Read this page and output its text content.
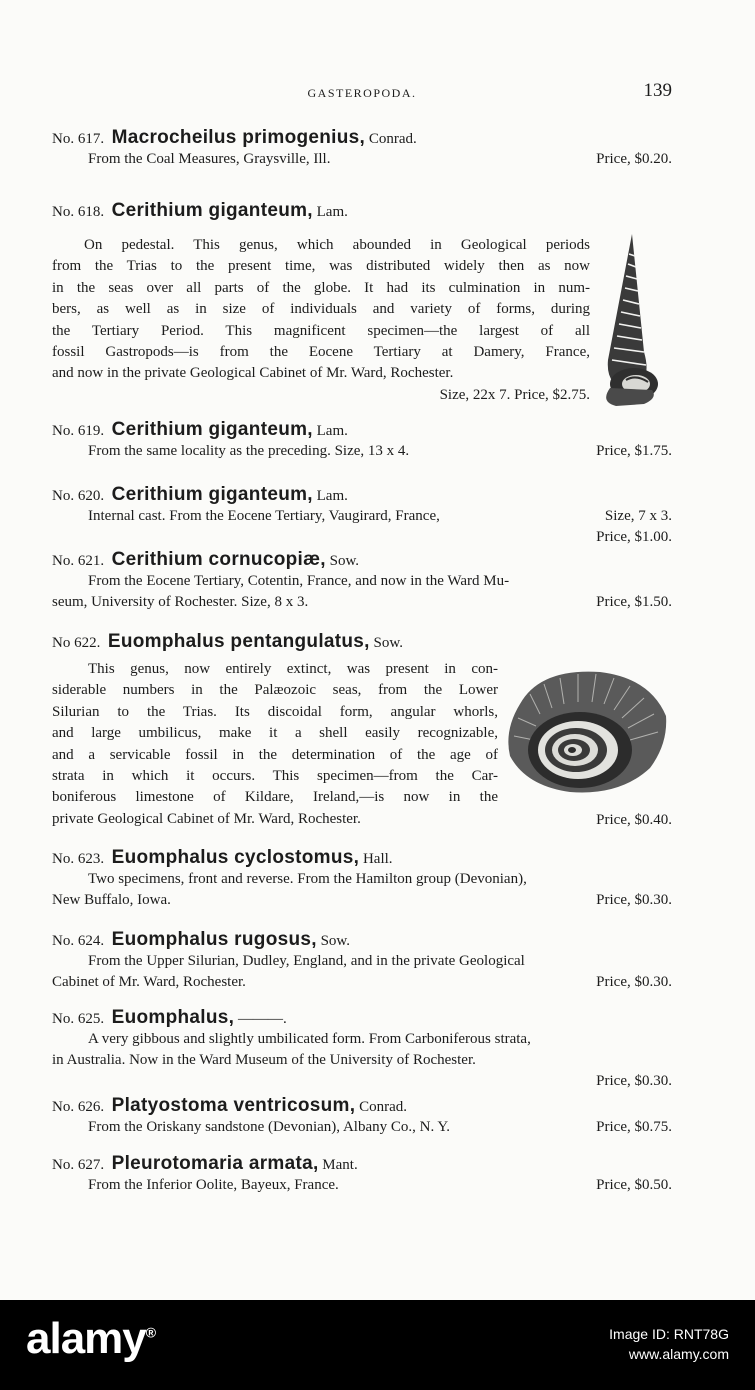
GASTEROPODA.	139
No. 617. Macrocheilus primogenius, Conrad.
From the Coal Measures, Graysville, Ill.	Price, $0.20.
No. 618. Cerithium giganteum, Lam.
On pedestal. This genus, which abounded in Geological periods
from the Trias to the present time, was distributed widely then as now
in the seas over all parts of the globe. It had its culmination in num-
bers, as well as in size of individuals and variety of forms, during
the Tertiary Period. This magnificent specimen—the largest of all
fossil Gastropods—is from the Eocene Tertiary at Damery, France,
and now in the private Geological Cabinet of Mr. Ward, Rochester.
Size, 22x 7. Price, $2.75.
No. 619. Cerithium giganteum, Lam.
From the same locality as the preceding. Size, 13 x 4.	Price, $1.75.
No. 620. Cerithium giganteum, Lam.
Internal cast. From the Eocene Tertiary, Vaugirard, France,	Size, 7 x 3.
Price, $1.00.
No. 621. Cerithium cornucopiæ, Sow.
From the Eocene Tertiary, Cotentin, France, and now in the Ward Mu-
seum, University of Rochester. Size, 8 x 3.	Price, $1.50.
No 622. Euomphalus pentangulatus, Sow.
This genus, now entirely extinct, was present in con-
siderable numbers in the Palæozoic seas, from the Lower
Silurian to the Trias. Its discoidal form, angular whorls,
and large umbilicus, make it a shell easily recognizable,
and a servicable fossil in the determination of the age of
strata in which it occurs. This specimen—from the Car-
boniferous limestone of Kildare, Ireland,—is now in the
private Geological Cabinet of Mr. Ward, Rochester.	Price, $0.40.
No. 623. Euomphalus cyclostomus, Hall.
Two specimens, front and reverse. From the Hamilton group (Devonian),
New Buffalo, Iowa.	Price, $0.30.
No. 624. Euomphalus rugosus, Sow.
From the Upper Silurian, Dudley, England, and in the private Geological
Cabinet of Mr. Ward, Rochester.	Price, $0.30.
No. 625. Euomphalus, ———.
A very gibbous and slightly umbilicated form. From Carboniferous strata,
in Australia. Now in the Ward Museum of the University of Rochester.
Price, $0.30.
No. 626. Platyostoma ventricosum, Conrad.
From the Oriskany sandstone (Devonian), Albany Co., N. Y.	Price, $0.75.
No. 627. Pleurotomaria armata, Mant.
From the Inferior Oolite, Bayeux, France.	Price, $0.50.
alamy®	Image ID: RNT78G
www.alamy.com
